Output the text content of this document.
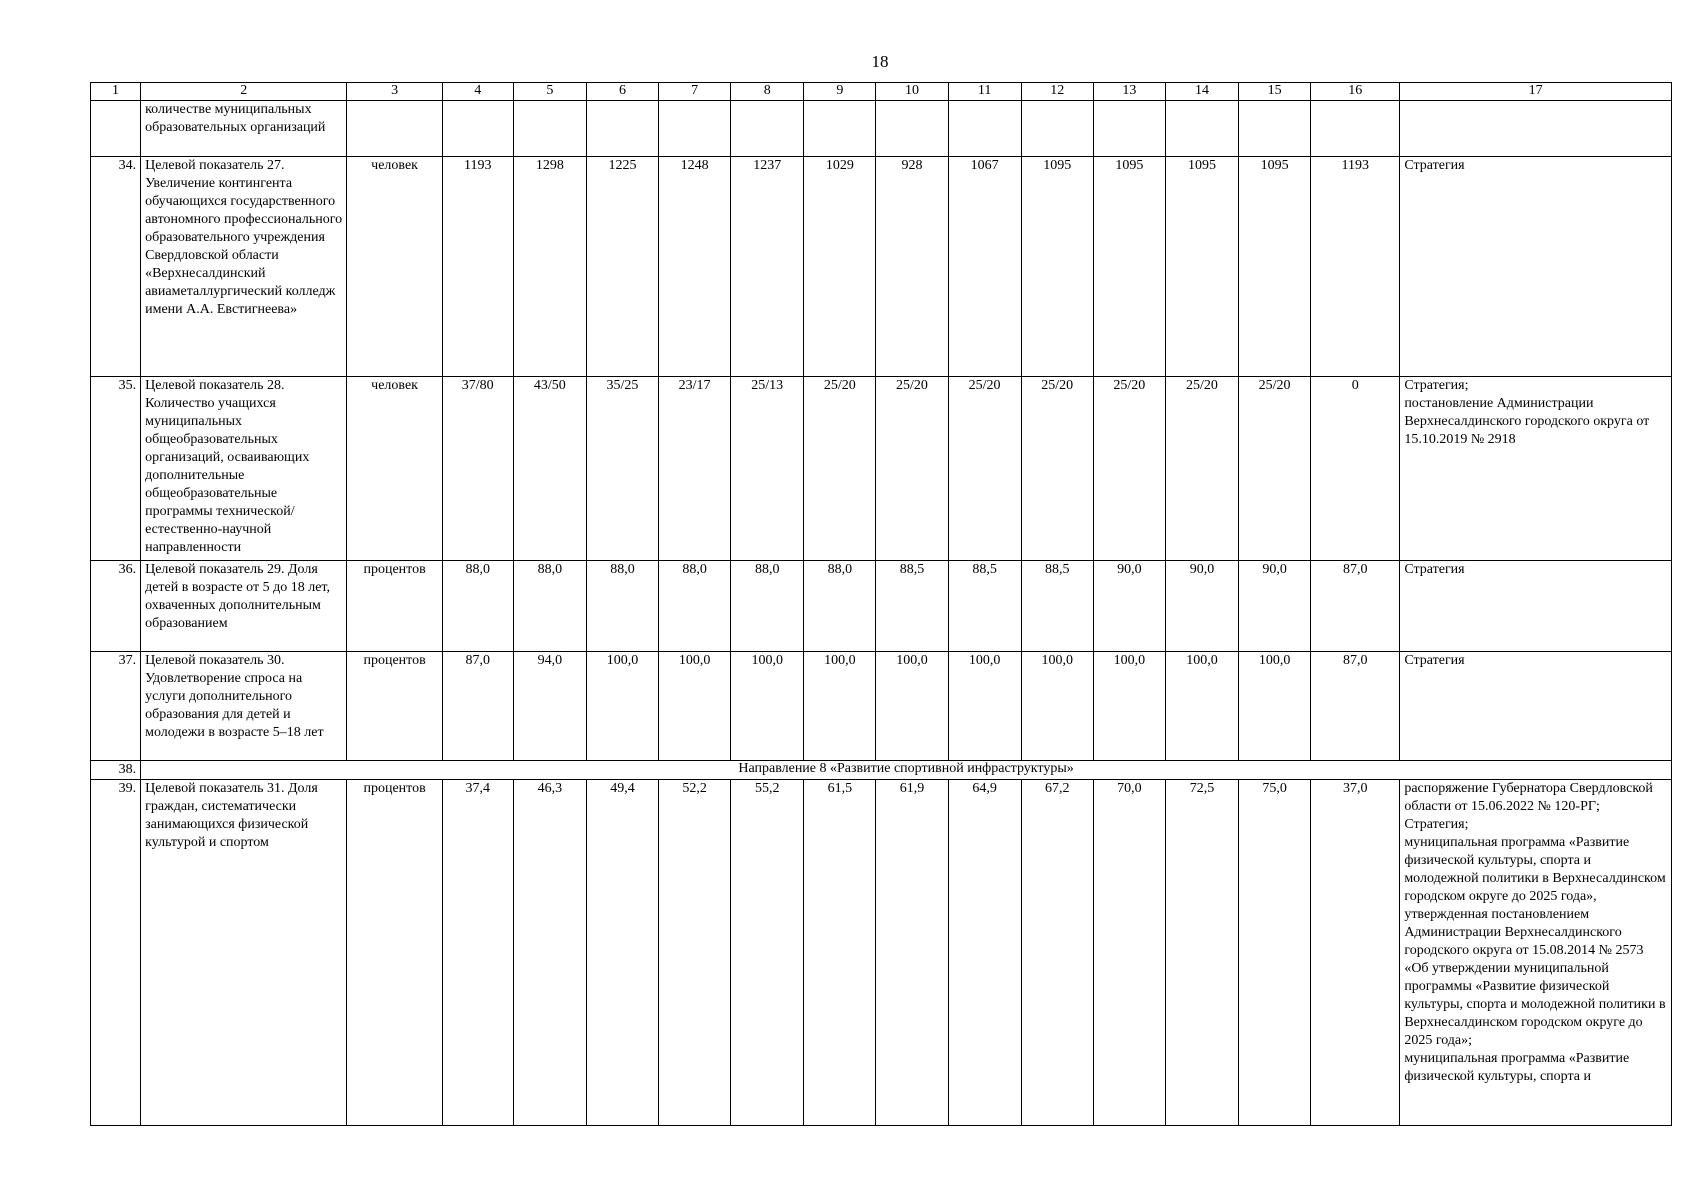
18
1	2	3	4	5	6	7	8	9	10	11	12	13	14	15	16	17
	количестве муниципальных образовательных организаций															
34.	Целевой показатель 27. Увеличение контингента обучающихся государственного автономного профессионального образовательного учреждения Свердловской области «Верхнесалдинский авиаметаллургический колледж имени А.А. Евстигнеева»	человек	1193	1298	1225	1248	1237	1029	928	1067	1095	1095	1095	1095	1193	Стратегия
35.	Целевой показатель 28. Количество учащихся муниципальных общеобразовательных организаций, осваивающих дополнительные общеобразовательные программы технической/ естественно-научной направленности	человек	37/80	43/50	35/25	23/17	25/13	25/20	25/20	25/20	25/20	25/20	25/20	25/20	0	Стратегия;
постановление Администрации Верхнесалдинского городского округа от 15.10.2019 № 2918
36.	Целевой показатель 29. Доля детей в возрасте от 5 до 18 лет, охваченных дополнительным образованием	процентов	88,0	88,0	88,0	88,0	88,0	88,0	88,5	88,5	88,5	90,0	90,0	90,0	87,0	Стратегия
37.	Целевой показатель 30. Удовлетворение спроса на услуги дополнительного образования для детей и молодежи в возрасте 5–18 лет	процентов	87,0	94,0	100,0	100,0	100,0	100,0	100,0	100,0	100,0	100,0	100,0	100,0	87,0	Стратегия
38.	Направление 8 «Развитие спортивной инфраструктуры»															
39.	Целевой показатель 31. Доля граждан, систематически занимающихся физической культурой и спортом	процентов	37,4	46,3	49,4	52,2	55,2	61,5	61,9	64,9	67,2	70,0	72,5	75,0	37,0	распоряжение Губернатора Свердловской области от 15.06.2022 № 120-РГ;
Стратегия;
муниципальная программа «Развитие физической культуры, спорта и молодежной политики в Верхнесалдинском городском округе до 2025 года», утвержденная постановлением Администрации Верхнесалдинского городского округа от 15.08.2014 № 2573 «Об утверждении муниципальной программы «Развитие физической культуры, спорта и молодежной политики в Верхнесалдинском городском округе до 2025 года»;
муниципальная программа «Развитие физической культуры, спорта и
